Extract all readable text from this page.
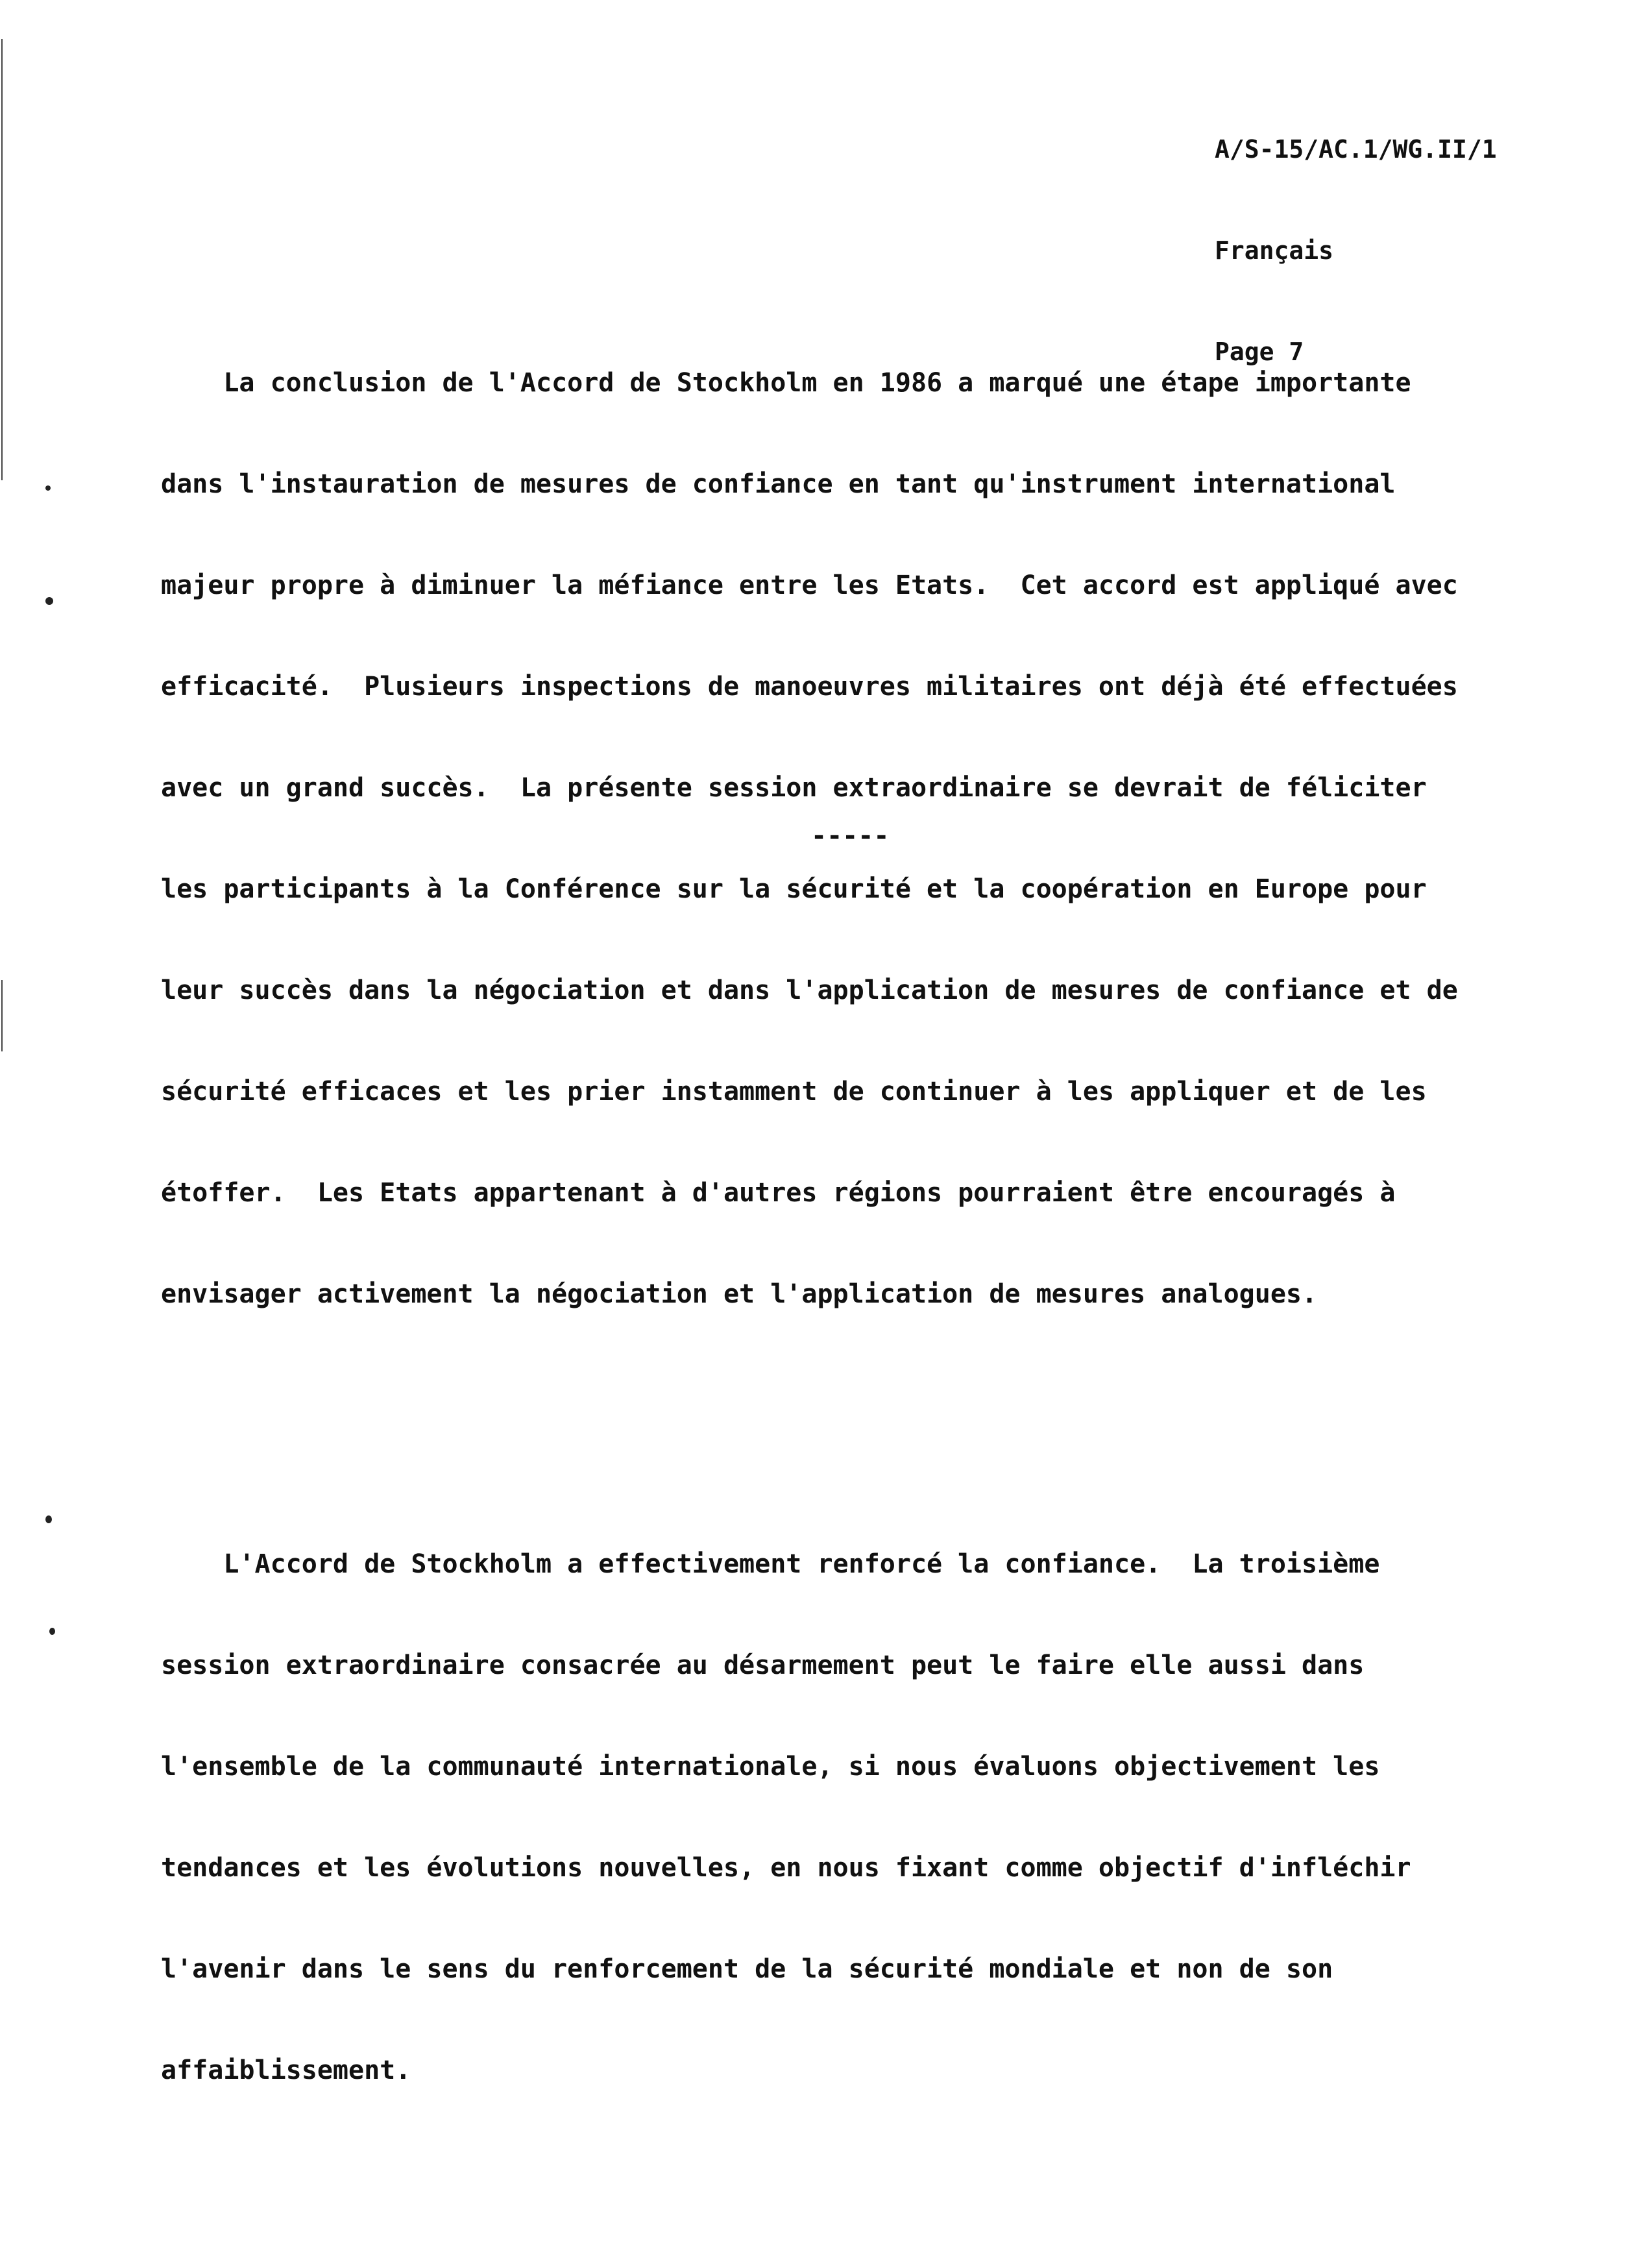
A/S-15/AC.1/WG.II/1

Français

Page 7

La conclusion de l'Accord de Stockholm en 1986 a marqué une étape importante

dans l'instauration de mesures de confiance en tant qu'instrument international

majeur propre à diminuer la méfiance entre les Etats.  Cet accord est appliqué avec

efficacité.  Plusieurs inspections de manoeuvres militaires ont déjà été effectuées

avec un grand succès.  La présente session extraordinaire se devrait de féliciter

les participants à la Conférence sur la sécurité et la coopération en Europe pour

leur succès dans la négociation et dans l'application de mesures de confiance et de

sécurité efficaces et les prier instamment de continuer à les appliquer et de les

étoffer.  Les Etats appartenant à d'autres régions pourraient être encouragés à

envisager activement la négociation et l'application de mesures analogues.

L'Accord de Stockholm a effectivement renforcé la confiance.  La troisième

session extraordinaire consacrée au désarmement peut le faire elle aussi dans

l'ensemble de la communauté internationale, si nous évaluons objectivement les

tendances et les évolutions nouvelles, en nous fixant comme objectif d'infléchir

l'avenir dans le sens du renforcement de la sécurité mondiale et non de son

affaiblissement.

-----
